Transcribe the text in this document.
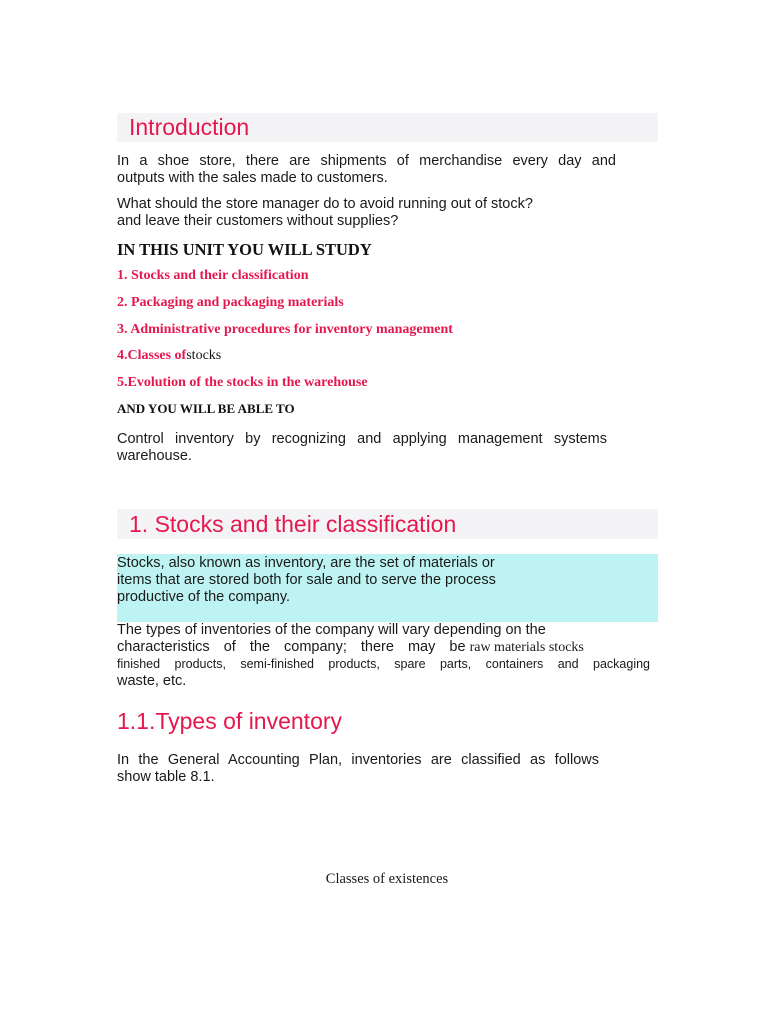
Introduction
In a shoe store, there are shipments of merchandise every day and
outputs with the sales made to customers.
What should the store manager do to avoid running out of stock?
and leave their customers without supplies?
IN THIS UNIT YOU WILL STUDY
1. Stocks and their classification
2. Packaging and packaging materials
3. Administrative procedures for inventory management
4.Classes ofstocks
5.Evolution of the stocks in the warehouse
AND YOU WILL BE ABLE TO
Control inventory by recognizing and applying management systems
warehouse.
1. Stocks and their classification
Stocks, also known as inventory, are the set of materials or
items that are stored both for sale and to serve the process
productive of the company.
The types of inventories of the company will vary depending on the
characteristics of the company; there may be raw materials stocks
finished products, semi-finished products, spare parts, containers and packaging
waste, etc.
1.1.Types of inventory
In the General Accounting Plan, inventories are classified as follows
show table 8.1.
Classes of existences
